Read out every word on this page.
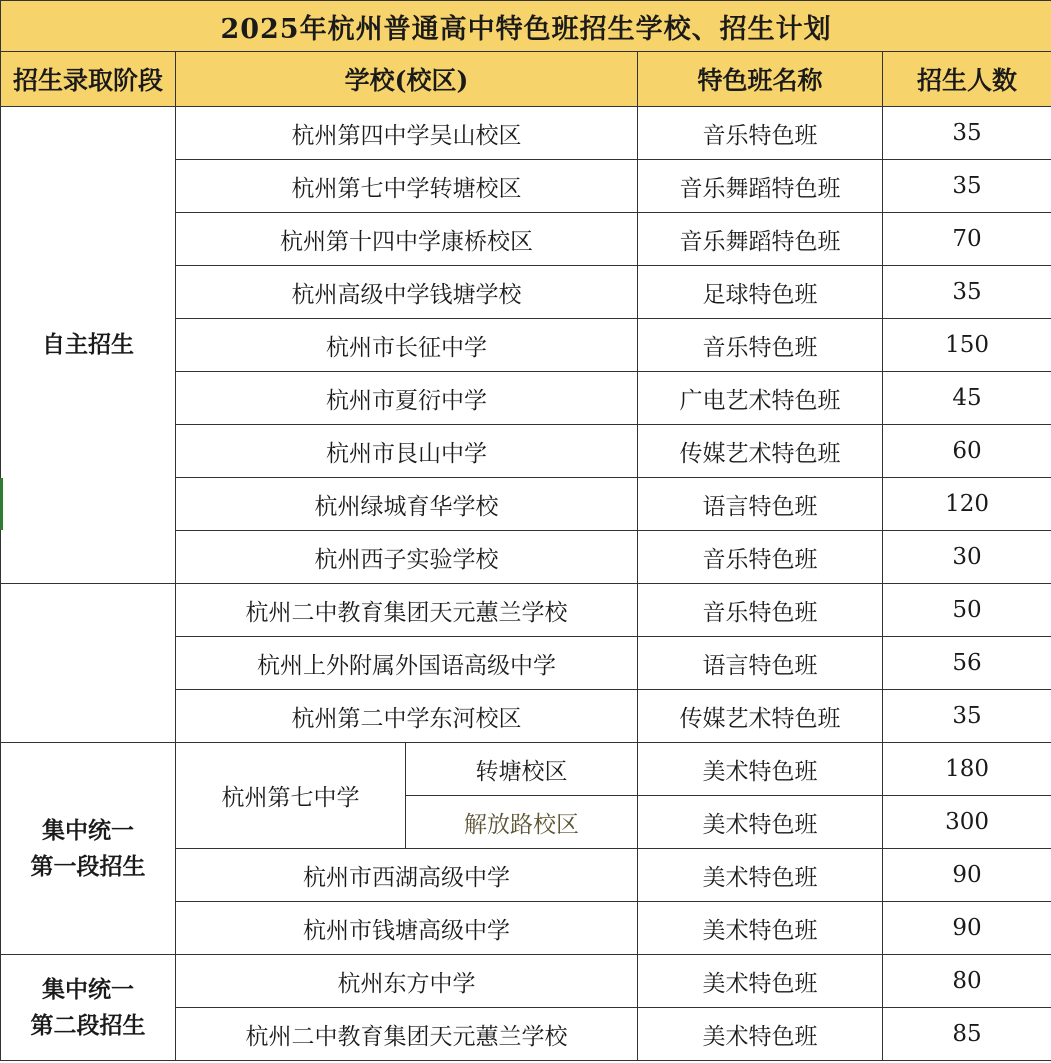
2025年杭州普通高中特色班招生学校、招生计划				
招生录取阶段	学校(校区)		特色班名称	招生人数
自主招生	杭州第四中学吴山校区		音乐特色班	35
	杭州第七中学转塘校区		音乐舞蹈特色班	35
	杭州第十四中学康桥校区		音乐舞蹈特色班	70
	杭州高级中学钱塘学校		足球特色班	35
	杭州市长征中学		音乐特色班	150
	杭州市夏衍中学		广电艺术特色班	45
	杭州市艮山中学		传媒艺术特色班	60
	杭州绿城育华学校		语言特色班	120
	杭州西子实验学校		音乐特色班	30
	杭州二中教育集团天元蕙兰学校		音乐特色班	50
	杭州上外附属外国语高级中学		语言特色班	56
	杭州第二中学东河校区		传媒艺术特色班	35
集中统一
第一段招生	杭州第七中学	转塘校区	美术特色班	180
		解放路校区	美术特色班	300
	杭州市西湖高级中学		美术特色班	90
	杭州市钱塘高级中学		美术特色班	90
集中统一
第二段招生	杭州东方中学		美术特色班	80
	杭州二中教育集团天元蕙兰学校		美术特色班	85
